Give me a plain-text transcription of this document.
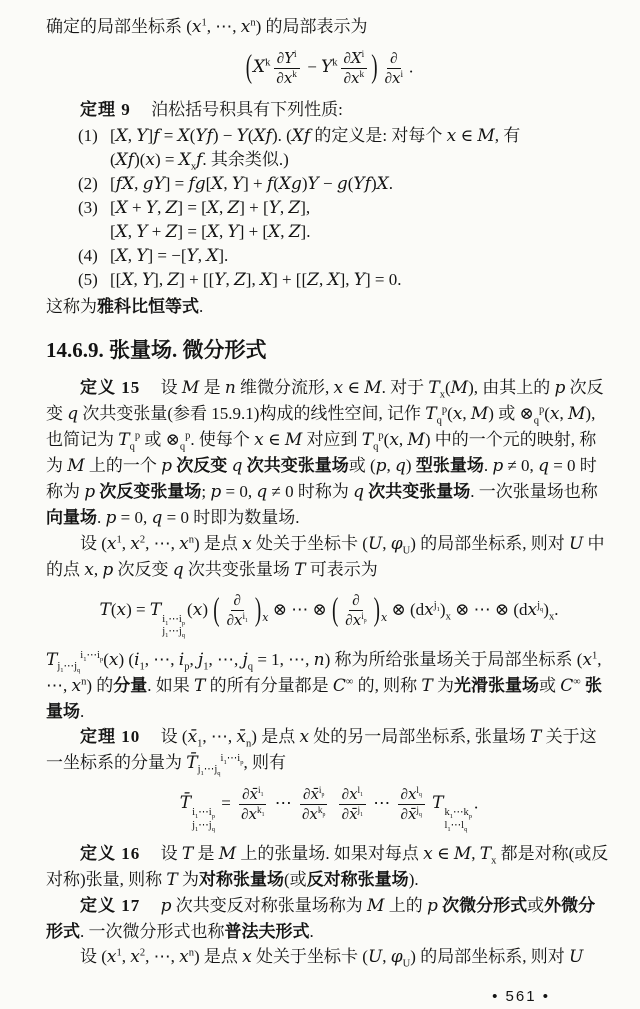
确定的局部坐标系 ($x^1$, ⋯, $x^n$) 的局部表示为

($X^k \frac{\partial Y^i}{\partial x^k} - Y^k \frac{\partial X^i}{\partial x^k}$ ) $\frac{\partial}{\partial x^i}$ .

定理 9 泊松括号积具有下列性质:

(1) [X, Y]f = X(Yf) − Y(Xf). (Xf 的定义是: 对每个 x ∈ M, 有
$(Xf)(x) = X_xf$. 其余类似.)
(2) [fX, gY] = fg[X, Y] + f(Xg)Y − g(Yf)X.
(3) [X + Y, Z] = [X, Z] + [Y, Z],
[X, Y + Z] = [X, Y] + [X, Z].
(4) [X, Y] = −[Y, X].
(5) [[X, Y], Z] + [[Y, Z], X] + [[Z, X], Y] = 0.

这称为雅科比恒等式.

14.6.9. 张量场. 微分形式

定义 15 设 M 是 n 维微分流形, x ∈ M. 对于 $T_x(M)$, 由其上的 p 次反变 q 次共变张量(参看 15.9.1)构成的线性空间, 记作 $T_q^p(x$, M) 或 $\otimes_q^p(x$, M), 也简记为 $T_q^p$ 或 $\otimes_q^p$. 使每个 x ∈ M 对应到 $T_q^p(x$, M) 中的一个元的映射, 称为 M 上的一个 p 次反变 q 次共变张量场或 (p, q) 型张量场. p ≠ 0, q = 0 时称为 p 次反变张量场; p = 0, q ≠ 0 时称为 q 次共变张量场. 一次张量场也称向量场. p = 0, q = 0 时即为数量场.

设 ($x^1$, $x^2$, ⋯, $x^n$) 是点 x 处关于坐标卡 (U, $\varphi_U$) 的局部坐标系, 则对 U 中的点 x, p 次反变 q 次共变张量场 T 可表示为

T(x) = T $i_1\cdots i_p$
$j_1\cdots j_q$
(x) ( $\frac{\partial}{\partial x^{i_1}} )_x$ ⊗ ⋯ ⊗ ( $\frac{\partial}{\partial x^{i_p}} )_x$ ⊗ $(dx^{j_1})_x$ ⊗ ⋯ ⊗ $(dx^{j_q})_x$.

$T_{j_1\cdots j_q}^{i_1\cdots i_p}(x)$ ($i_1$, ⋯, $i_p$, $j_1$, ⋯, $j_q = 1$, ⋯, n) 称为所给张量场关于局部坐标系 ($x^1$, ⋯, $x^n$) 的分量. 如果 T 的所有分量都是 C∞ 的, 则称 T 为光滑张量场或 C∞ 张量场.

定理 10 设 ($x̄_1$, ⋯, $x̄_n$) 是点 x 处的另一局部坐标系, 张量场 T 关于这一坐标系的分量为 $T̄_{j_1\cdots j_q}^{i_1\cdots i_p}$, 则有

T̄ $i_1\cdots i_p$
$j_1\cdots j_q$
= $\frac{\partial x̄^{i_1}}{\partial x^{k_1}}$ ⋯ $\frac{\partial x̄^{i_p}}{\partial x^{k_p}}$
$\frac{\partial x^{l_1}}{\partial x̄^{j_1}}$ ⋯ $\frac{\partial x^{l_q}}{\partial x̄^{j_q}}$ T $k_1\cdots k_p$
$l_1\cdots l_q$
.

定义 16 设 T 是 M 上的张量场. 如果对每点 x ∈ M, $T_x$ 都是对称(或反对称)张量, 则称 T 为对称张量场(或反对称张量场).

定义 17 p 次共变反对称张量场称为 M 上的 p 次微分形式或外微分形式. 一次微分形式也称普法夫形式.

设 ($x^1$, $x^2$, ⋯, $x^n$) 是点 x 处关于坐标卡 (U, $\varphi_U$) 的局部坐标系, 则对 U

• 561 •
